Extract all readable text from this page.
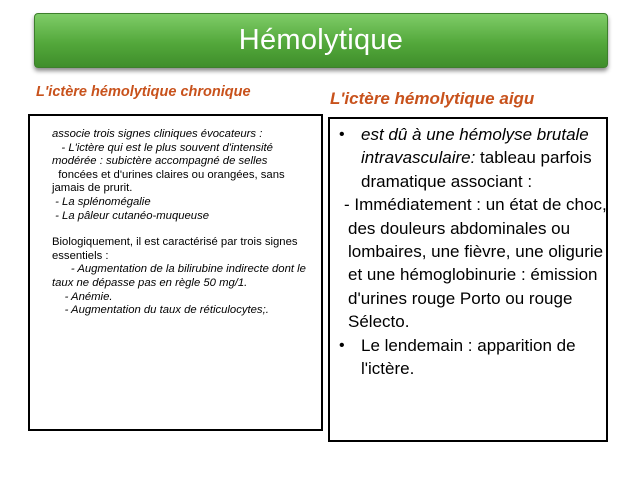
Hémolytique
L'ictère hémolytique chronique	L'ictère hémolytique aigu

associe trois signes cliniques évocateurs :

- L'ictère qui est le plus souvent d'intensité modérée : subictère accompagné de selles

foncées et d'urines claires ou orangées, sans jamais de prurit.

- La splénomégalie

- La pâleur cutanéo-muqueuse

Biologiquement, il est caractérisé par trois signes essentiels :

- Augmentation de la bilirubine indirecte dont le taux ne dépasse pas en règle 50 mg/1.

- Anémie.

- Augmentation du taux de réticulocytes;.

• est dû à une hémolyse brutale intravasculaire: tableau parfois dramatique associant :
- Immédiatement : un état de choc, des douleurs abdominales ou lombaires, une fièvre, une oligurie et une hémoglobinurie : émission d'urines rouge Porto ou rouge Sélecto.
• Le lendemain : apparition de l'ictère.
